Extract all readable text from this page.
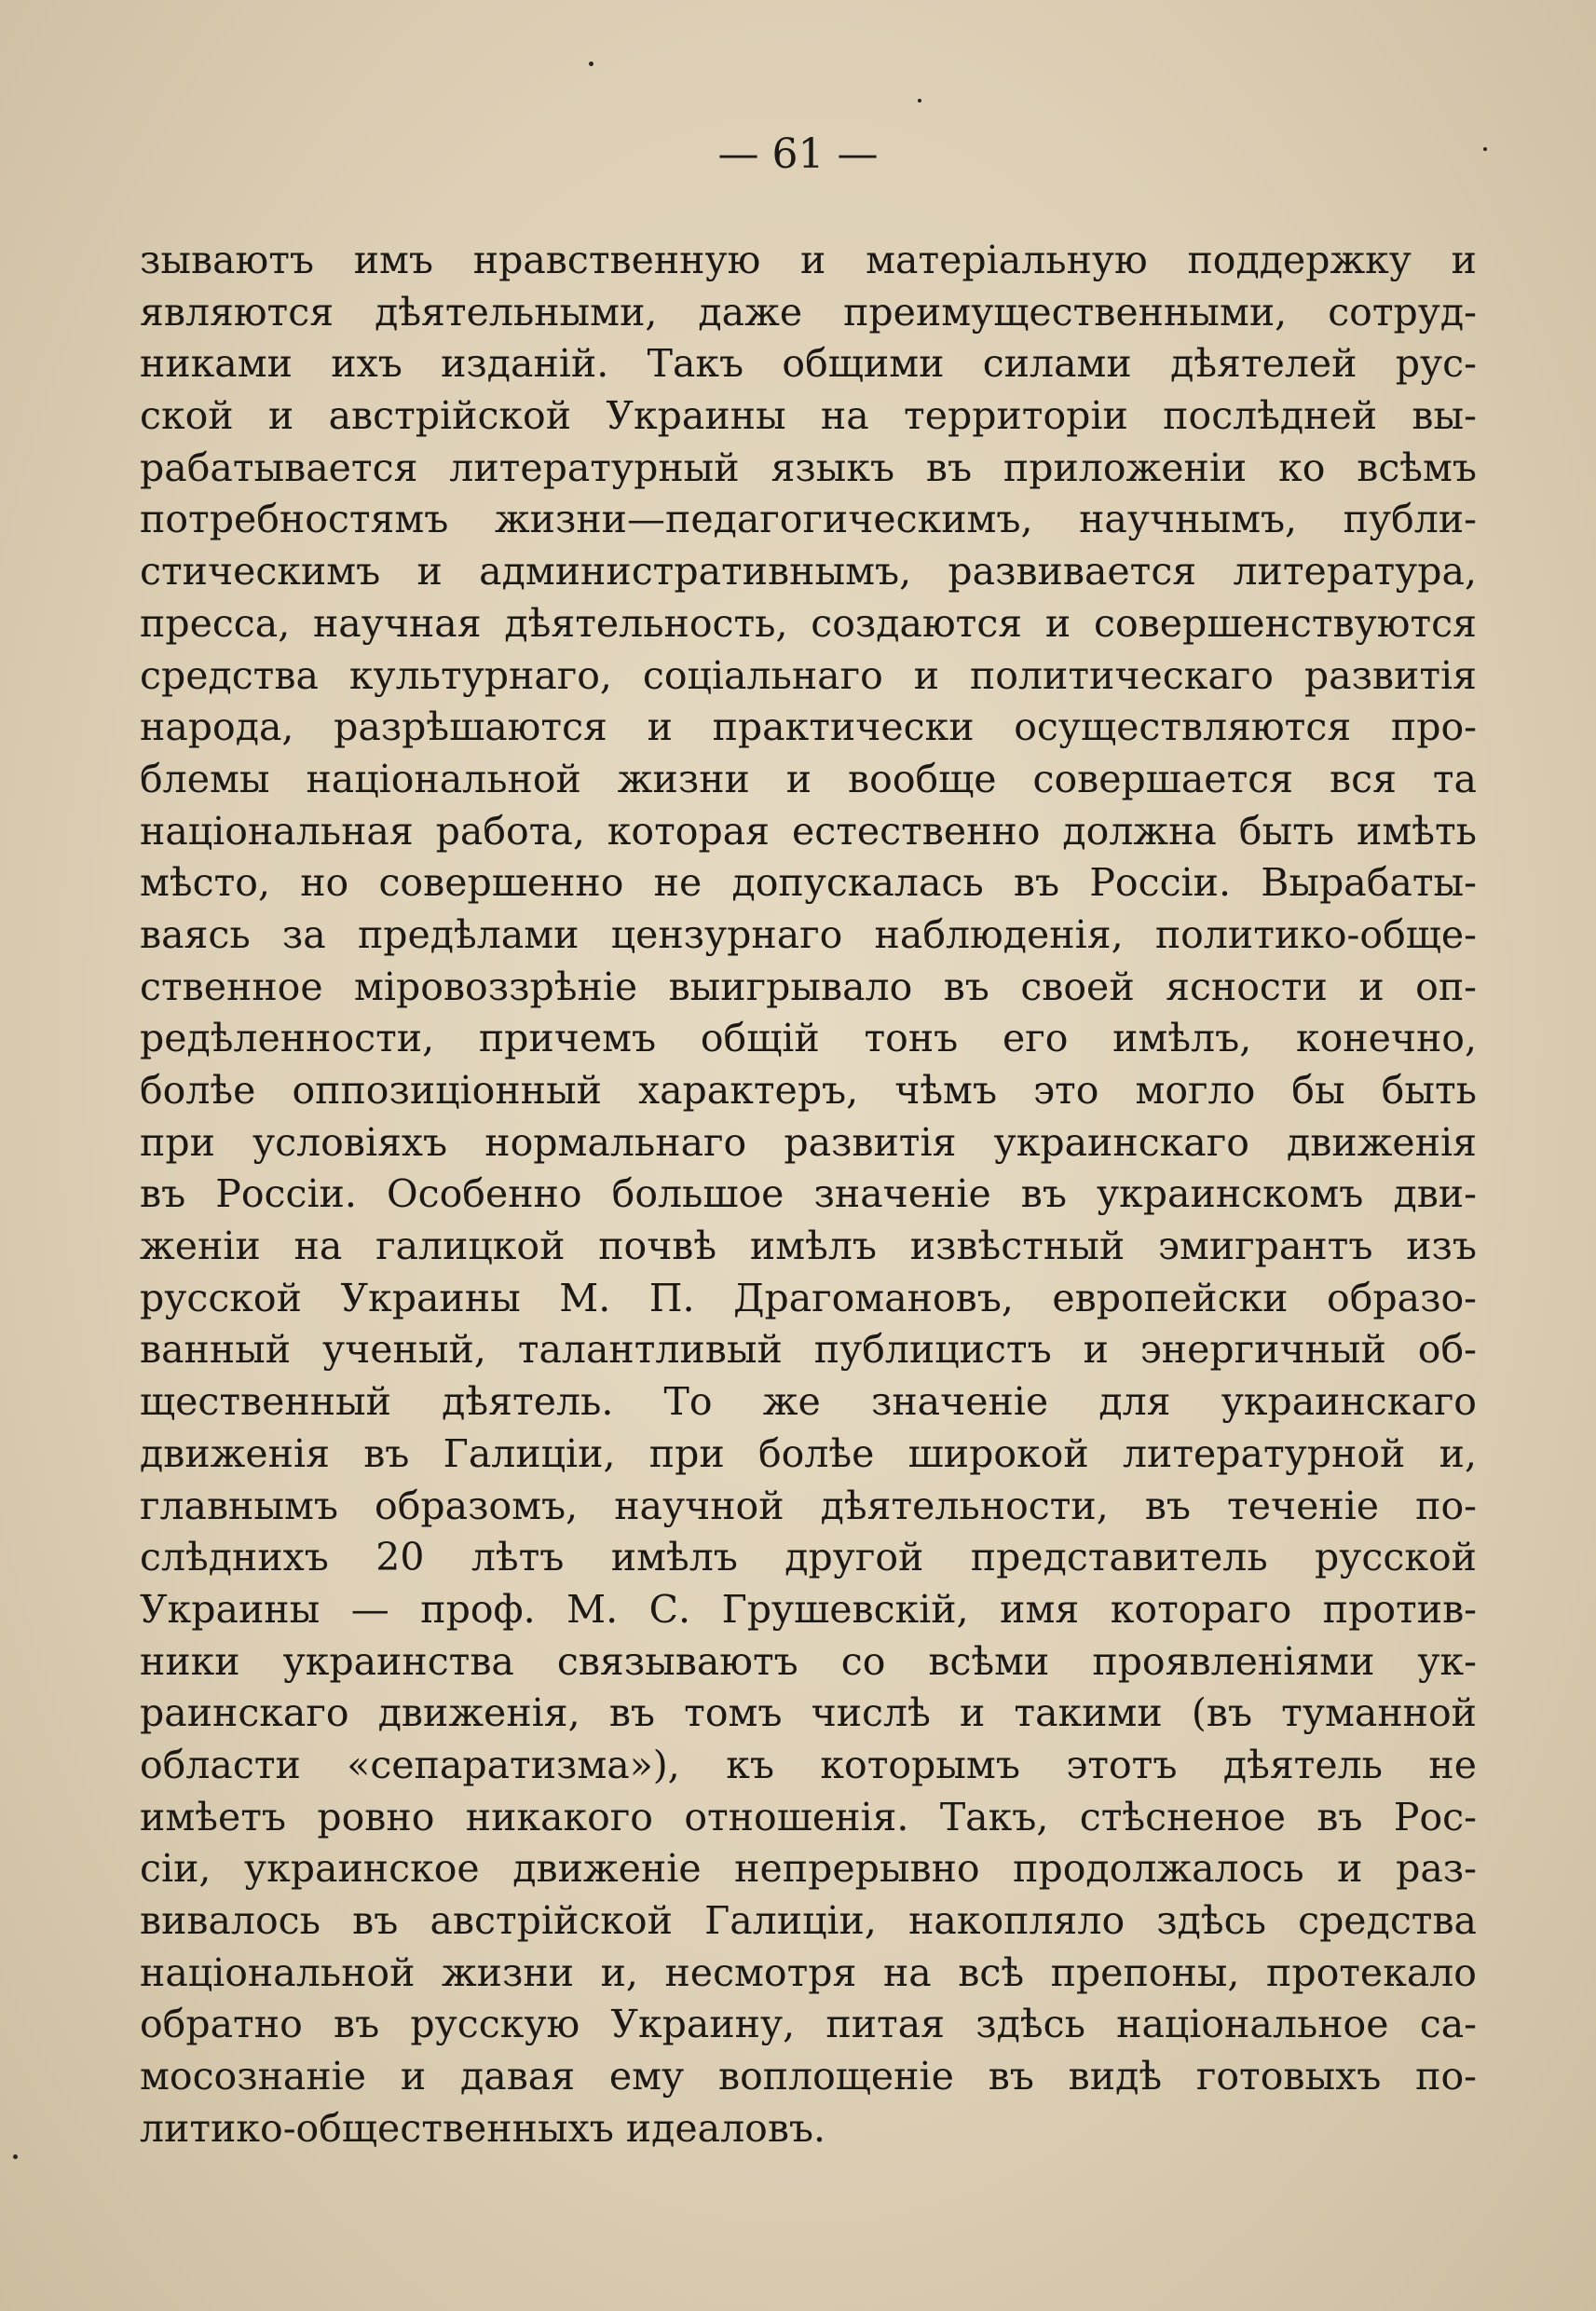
— 61 —
зываютъ имъ нравственную и матеріальную поддержку и
являются дѣятельными, даже преимущественными, сотруд-
никами ихъ изданій. Такъ общими силами дѣятелей рус-
ской и австрійской Украины на территоріи послѣдней вы-
рабатывается литературный языкъ въ приложеніи ко всѣмъ
потребностямъ жизни—педагогическимъ, научнымъ, публи-
стическимъ и административнымъ, развивается литература,
пресса, научная дѣятельность, создаются и совершенствуются
средства культурнаго, соціальнаго и политическаго развитія
народа, разрѣшаются и практически осуществляются про-
блемы національной жизни и вообще совершается вся та
національная работа, которая естественно должна быть имѣть
мѣсто, но совершенно не допускалась въ Россіи. Вырабаты-
ваясь за предѣлами цензурнаго наблюденія, политико-обще-
ственное міровоззрѣніе выигрывало въ своей ясности и оп-
редѣленности, причемъ общій тонъ его имѣлъ, конечно,
болѣе оппозиціонный характеръ, чѣмъ это могло бы быть
при условіяхъ нормальнаго развитія украинскаго движенія
въ Россіи. Особенно большое значеніе въ украинскомъ дви-
женіи на галицкой почвѣ имѣлъ извѣстный эмигрантъ изъ
русской Украины М. П. Драгомановъ, европейски образо-
ванный ученый, талантливый публицистъ и энергичный об-
щественный дѣятель. То же значеніе для украинскаго
движенія въ Галиціи, при болѣе широкой литературной и,
главнымъ образомъ, научной дѣятельности, въ теченіе по-
слѣднихъ 20 лѣтъ имѣлъ другой представитель русской
Украины — проф. М. С. Грушевскій, имя котораго против-
ники украинства связываютъ со всѣми проявленіями ук-
раинскаго движенія, въ томъ числѣ и такими (въ туманной
области «сепаратизма»), къ которымъ этотъ дѣятель не
имѣетъ ровно никакого отношенія. Такъ, стѣсненое въ Рос-
сіи, украинское движеніе непрерывно продолжалось и раз-
вивалось въ австрійской Галиціи, накопляло здѣсь средства
національной жизни и, несмотря на всѣ препоны, протекало
обратно въ русскую Украину, питая здѣсь національное са-
мосознаніе и давая ему воплощеніе въ видѣ готовыхъ по-
литико-общественныхъ идеаловъ.
